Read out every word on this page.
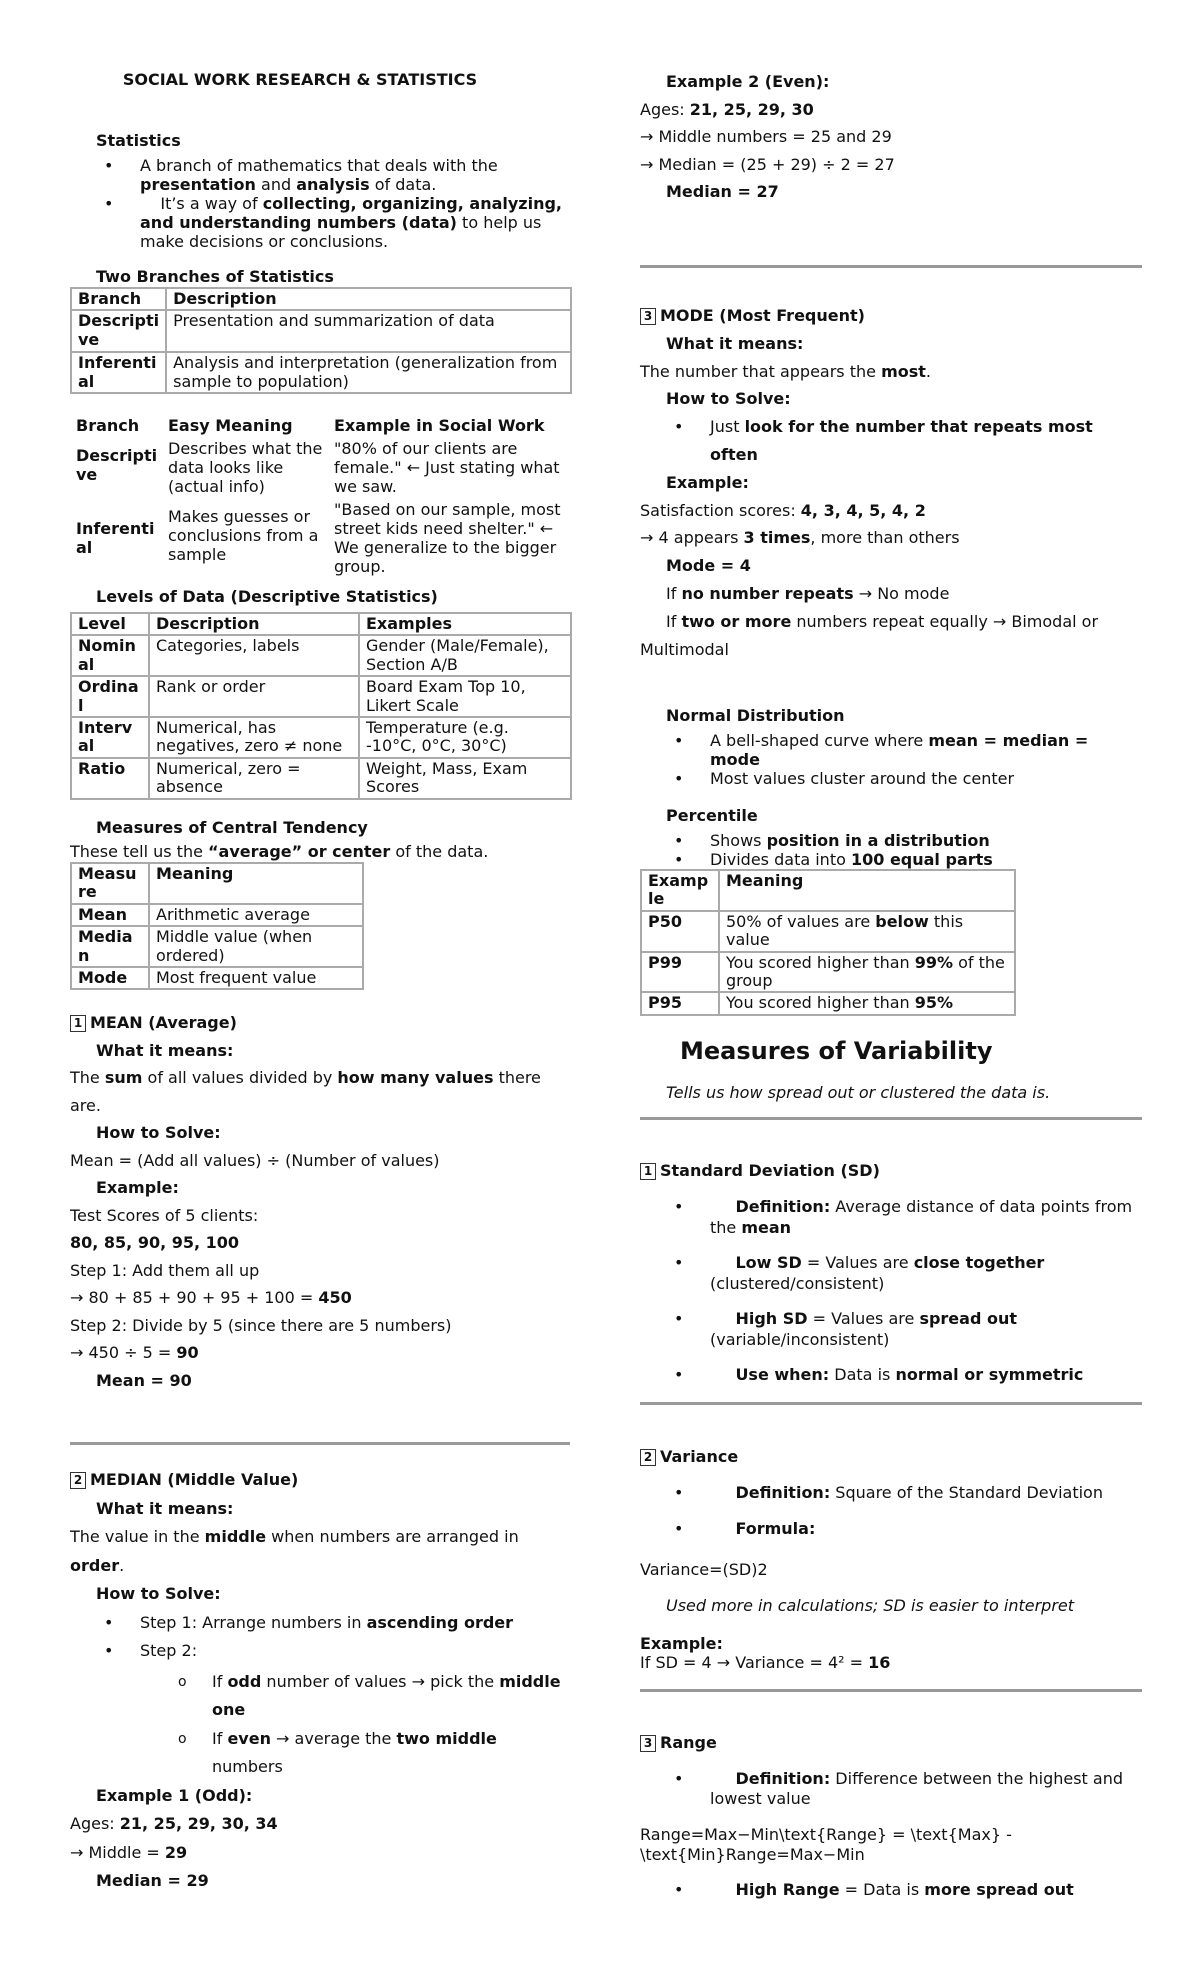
SOCIAL WORK RESEARCH & STATISTICS
Statistics
• A branch of mathematics that deals with the presentation and analysis of data.
• It’s a way of collecting, organizing, analyzing, and understanding numbers (data) to help us make decisions or conclusions.
Two Branches of Statistics
Branch	Description
Descripti ve	Presentation and summarization of data
Inferenti al	Analysis and interpretation (generalization from sample to population)
Branch	Easy Meaning	Example in Social Work
Descripti ve	Describes what the data looks like (actual info)	"80% of our clients are female." ← Just stating what we saw.
Inferenti al	Makes guesses or conclusions from a sample	"Based on our sample, most street kids need shelter." ← We generalize to the bigger group.
Levels of Data (Descriptive Statistics)
Level	Description	Examples
Nomin al	Categories, labels	Gender (Male/Female), Section A/B
Ordina l	Rank or order	Board Exam Top 10, Likert Scale
Interv al	Numerical, has negatives, zero ≠ none	Temperature (e.g. -10°C, 0°C, 30°C)
Ratio	Numerical, zero = absence	Weight, Mass, Exam Scores
Measures of Central Tendency
These tell us the “average” or center of the data.
Measu re	Meaning
Mean	Arithmetic average
Media n	Middle value (when ordered)
Mode	Most frequent value
1 MEAN (Average)
What it means:
The sum of all values divided by how many values there are.
How to Solve:
Mean = (Add all values) ÷ (Number of values)
Example:
Test Scores of 5 clients:
80, 85, 90, 95, 100
Step 1: Add them all up
→ 80 + 85 + 90 + 95 + 100 = 450
Step 2: Divide by 5 (since there are 5 numbers)
→ 450 ÷ 5 = 90
Mean = 90
2 MEDIAN (Middle Value)
What it means:
The value in the middle when numbers are arranged in order.
How to Solve:
• Step 1: Arrange numbers in ascending order
• Step 2:
o If odd number of values → pick the middle one
o If even → average the two middle numbers
Example 1 (Odd):
Ages: 21, 25, 29, 30, 34
→ Middle = 29
Median = 29
Example 2 (Even):
Ages: 21, 25, 29, 30
→ Middle numbers = 25 and 29
→ Median = (25 + 29) ÷ 2 = 27
Median = 27
3 MODE (Most Frequent)
What it means:
The number that appears the most.
How to Solve:
• Just look for the number that repeats most often
Example:
Satisfaction scores: 4, 3, 4, 5, 4, 2
→ 4 appears 3 times, more than others
Mode = 4
If no number repeats → No mode
If two or more numbers repeat equally → Bimodal or Multimodal
Normal Distribution
• A bell-shaped curve where mean = median = mode
• Most values cluster around the center
Percentile
• Shows position in a distribution
• Divides data into 100 equal parts
Examp le	Meaning
P50	50% of values are below this value
P99	You scored higher than 99% of the group
P95	You scored higher than 95%
Measures of Variability
Tells us how spread out or clustered the data is.
1 Standard Deviation (SD)
• Definition: Average distance of data points from the mean
• Low SD = Values are close together (clustered/consistent)
• High SD = Values are spread out (variable/inconsistent)
• Use when: Data is normal or symmetric
2 Variance
• Definition: Square of the Standard Deviation
• Formula:
Variance=(SD)2
Used more in calculations; SD is easier to interpret
Example:
If SD = 4 → Variance = 4² = 16
3 Range
• Definition: Difference between the highest and lowest value
Range=Max−Min\text{Range} = \text{Max} - \text{Min}Range=Max−Min
• High Range = Data is more spread out
